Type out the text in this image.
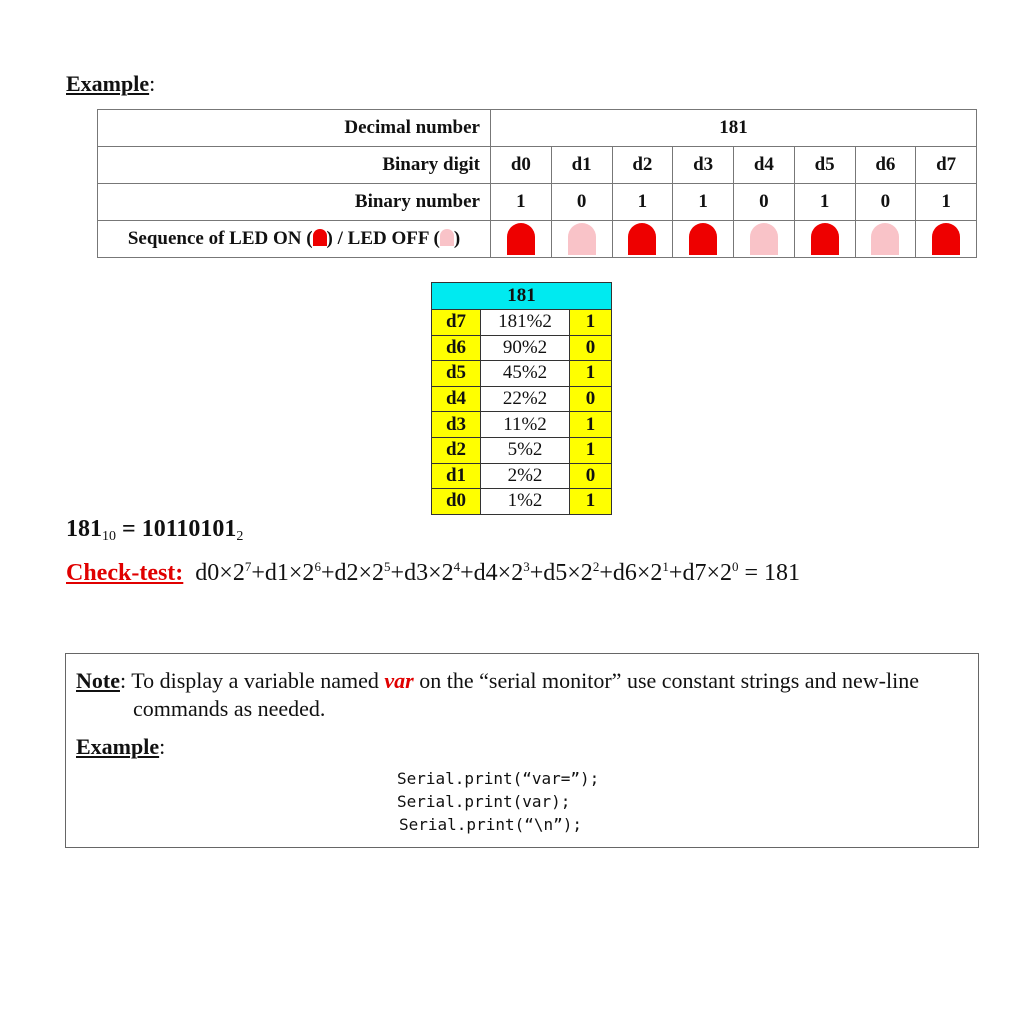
Example:
Decimal number	181							
Binary digit	d0	d1	d2	d3	d4	d5	d6	d7
Binary number	1	0	1	1	0	1	0	1
Sequence of LED ON ( ) / LED OFF ( )								
181		
d7	181%2	1
d6	90%2	0
d5	45%2	1
d4	22%2	0
d3	11%2	1
d2	5%2	1
d1	2%2	0
d0	1%2	1
$181_{10} = 10110101_2$
Check-test: $d0\times 2^7+d1\times 2^6+d2\times 2^5+d3\times 2^4+d4\times 2^3+d5\times 2^2+d6\times 2^1+d7\times 2^0 = 181$
Note: To display a variable named var on the “serial monitor” use constant strings and new-line
commands as needed.
Example:
Serial.print(“var=”);
Serial.print(var);
Serial.print(“\n”);
